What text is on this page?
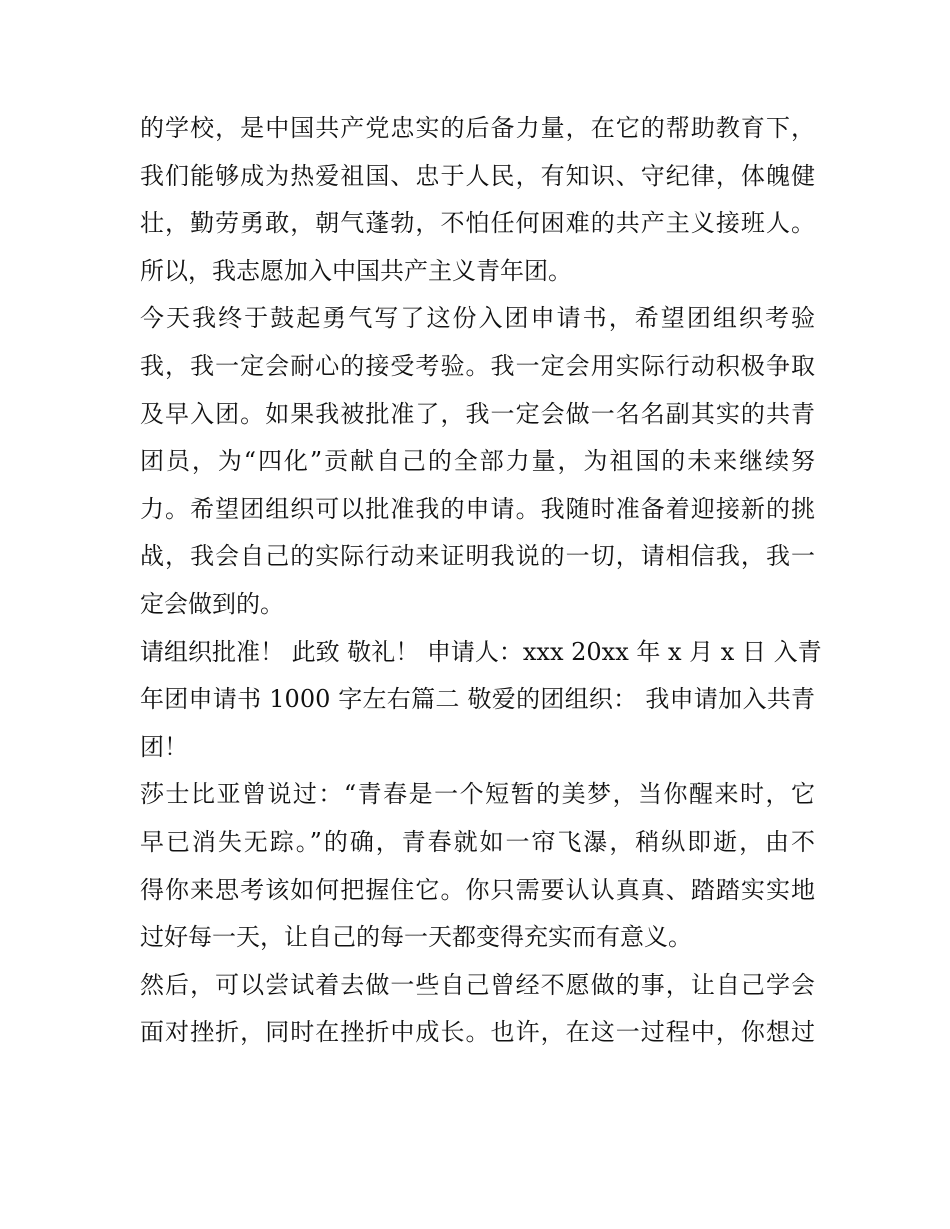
的学校，是中国共产党忠实的后备力量，在它的帮助教育下，
我们能够成为热爱祖国、忠于人民，有知识、守纪律，体魄健
壮，勤劳勇敢，朝气蓬勃，不怕任何困难的共产主义接班人。
所以，我志愿加入中国共产主义青年团。
今天我终于鼓起勇气写了这份入团申请书，希望团组织考验
我，我一定会耐心的接受考验。我一定会用实际行动积极争取
及早入团。如果我被批准了，我一定会做一名名副其实的共青
团员，为“四化”贡献自己的全部力量，为祖国的未来继续努
力。希望团组织可以批准我的申请。我随时准备着迎接新的挑
战，我会自己的实际行动来证明我说的一切，请相信我，我一
定会做到的。
请组织批准！ 此致 敬礼！ 申请人：xxx 20xx 年 x 月 x 日 入青
年团申请书 1000 字左右篇二 敬爱的团组织： 我申请加入共青
团！
莎士比亚曾说过：“青春是一个短暂的美梦，当你醒来时，它
早已消失无踪。”的确，青春就如一帘飞瀑，稍纵即逝，由不
得你来思考该如何把握住它。你只需要认认真真、踏踏实实地
过好每一天，让自己的每一天都变得充实而有意义。
然后，可以尝试着去做一些自己曾经不愿做的事，让自己学会
面对挫折，同时在挫折中成长。也许，在这一过程中，你想过
